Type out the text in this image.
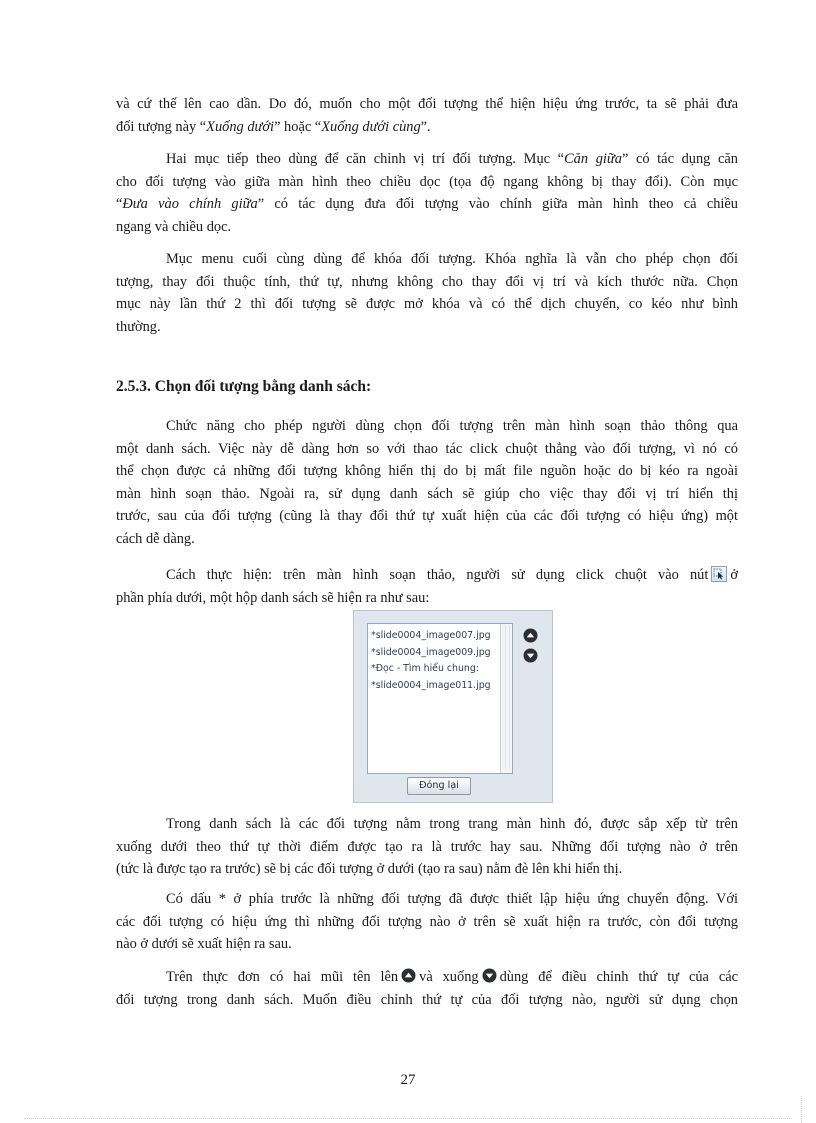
và cứ thế lên cao dần. Do đó, muốn cho một đối tượng thể hiện hiệu ứng trước, ta sẽ phải đưa
đối tượng này “Xuống dưới” hoặc “Xuống dưới cùng”.
Hai mục tiếp theo dùng để căn chỉnh vị trí đối tượng. Mục “Căn giữa” có tác dụng căn
cho đối tượng vào giữa màn hình theo chiều dọc (tọa độ ngang không bị thay đổi). Còn mục
“Đưa vào chính giữa” có tác dụng đưa đối tượng vào chính giữa màn hình theo cả chiều
ngang và chiều dọc.
Mục menu cuối cùng dùng để khóa đối tượng. Khóa nghĩa là vẫn cho phép chọn đối
tượng, thay đổi thuộc tính, thứ tự, nhưng không cho thay đổi vị trí và kích thước nữa. Chọn
mục này lần thứ 2 thì đối tượng sẽ được mở khóa và có thể dịch chuyển, co kéo như bình
thường.
2.5.3. Chọn đối tượng bằng danh sách:
Chức năng cho phép người dùng chọn đối tượng trên màn hình soạn thảo thông qua
một danh sách. Việc này dễ dàng hơn so với thao tác click chuột thẳng vào đối tượng, vì nó có
thể chọn được cả những đối tượng không hiển thị do bị mất file nguồn hoặc do bị kéo ra ngoài
màn hình soạn thảo. Ngoài ra, sử dụng danh sách sẽ giúp cho việc thay đổi vị trí hiển thị
trước, sau của đối tượng (cũng là thay đổi thứ tự xuất hiện của các đối tượng có hiệu ứng) một
cách dễ dàng.
Cách thực hiện: trên màn hình soạn thảo, người sử dụng click chuột vào nút ở
phần phía dưới, một hộp danh sách sẽ hiện ra như sau:
*slide0004_image007.jpg
*slide0004_image009.jpg
*Đọc - Tìm hiểu chung:
*slide0004_image011.jpg
Đóng lại
Trong danh sách là các đối tượng nằm trong trang màn hình đó, được sắp xếp từ trên
xuống dưới theo thứ tự thời điểm được tạo ra là trước hay sau. Những đối tượng nào ở trên
(tức là được tạo ra trước) sẽ bị các đối tượng ở dưới (tạo ra sau) nằm đè lên khi hiển thị.
Có dấu * ở phía trước là những đối tượng đã được thiết lập hiệu ứng chuyển động. Với
các đối tượng có hiệu ứng thì những đối tượng nào ở trên sẽ xuất hiện ra trước, còn đối tượng
nào ở dưới sẽ xuất hiện ra sau.
Trên thực đơn có hai mũi tên lên và xuống dùng để điều chỉnh thứ tự của các
đối tượng trong danh sách. Muốn điều chỉnh thứ tự của đối tượng nào, người sử dụng chọn
27
